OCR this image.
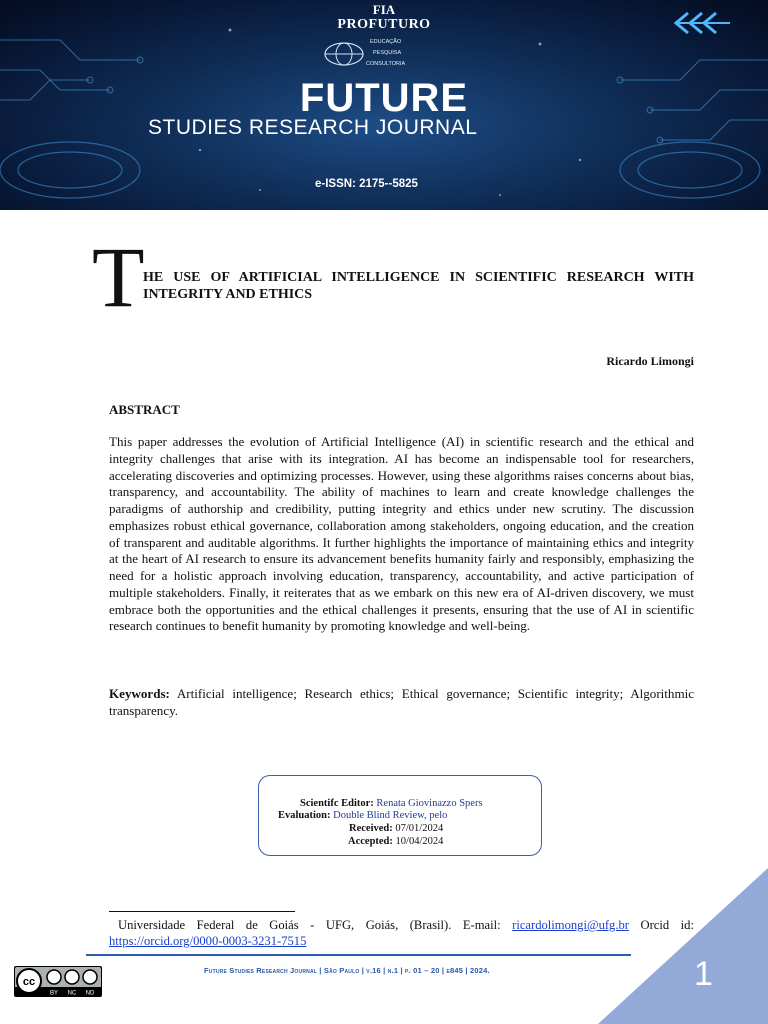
FIA
PROFUTURO
EDUCAÇÃO
PESQUISA
CONSULTORIA
FUTURE
STUDIES RESEARCH JOURNAL
e-ISSN: 2175--5825
T
HE USE OF ARTIFICIAL INTELLIGENCE IN SCIENTIFIC RESEARCH WITH INTEGRITY AND ETHICS
Ricardo Limongi
ABSTRACT
This paper addresses the evolution of Artificial Intelligence (AI) in scientific research and the ethical and integrity challenges that arise with its integration. AI has become an indispensable tool for researchers, accelerating discoveries and optimizing processes. However, using these algorithms raises concerns about bias, transparency, and accountability. The ability of machines to learn and create knowledge challenges the paradigms of authorship and credibility, putting integrity and ethics under new scrutiny. The discussion emphasizes robust ethical governance, collaboration among stakeholders, ongoing education, and the creation of transparent and auditable algorithms. It further highlights the importance of maintaining ethics and integrity at the heart of AI research to ensure its advancement benefits humanity fairly and responsibly, emphasizing the need for a holistic approach involving education, transparency, accountability, and active participation of multiple stakeholders. Finally, it reiterates that as we embark on this new era of AI-driven discovery, we must embrace both the opportunities and the ethical challenges it presents, ensuring that the use of AI in scientific research continues to benefit humanity by promoting knowledge and well-being.
Keywords: Artificial intelligence; Research ethics; Ethical governance; Scientific integrity; Algorithmic transparency.
Scientifc Editor: Renata Giovinazzo Spers
Evaluation: Double Blind Review, pelo
Received: 07/01/2024
Accepted: 10/04/2024
Universidade Federal de Goiás - UFG, Goiás, (Brasil). E-mail: ricardolimongi@ufg.br Orcid id: https://orcid.org/0000-0003-3231-7515
cc
BY NC ND
Future Studies Research Journal | São Paulo | v.16 | n.1 | p. 01 – 20 | e845 | 2024.	1
